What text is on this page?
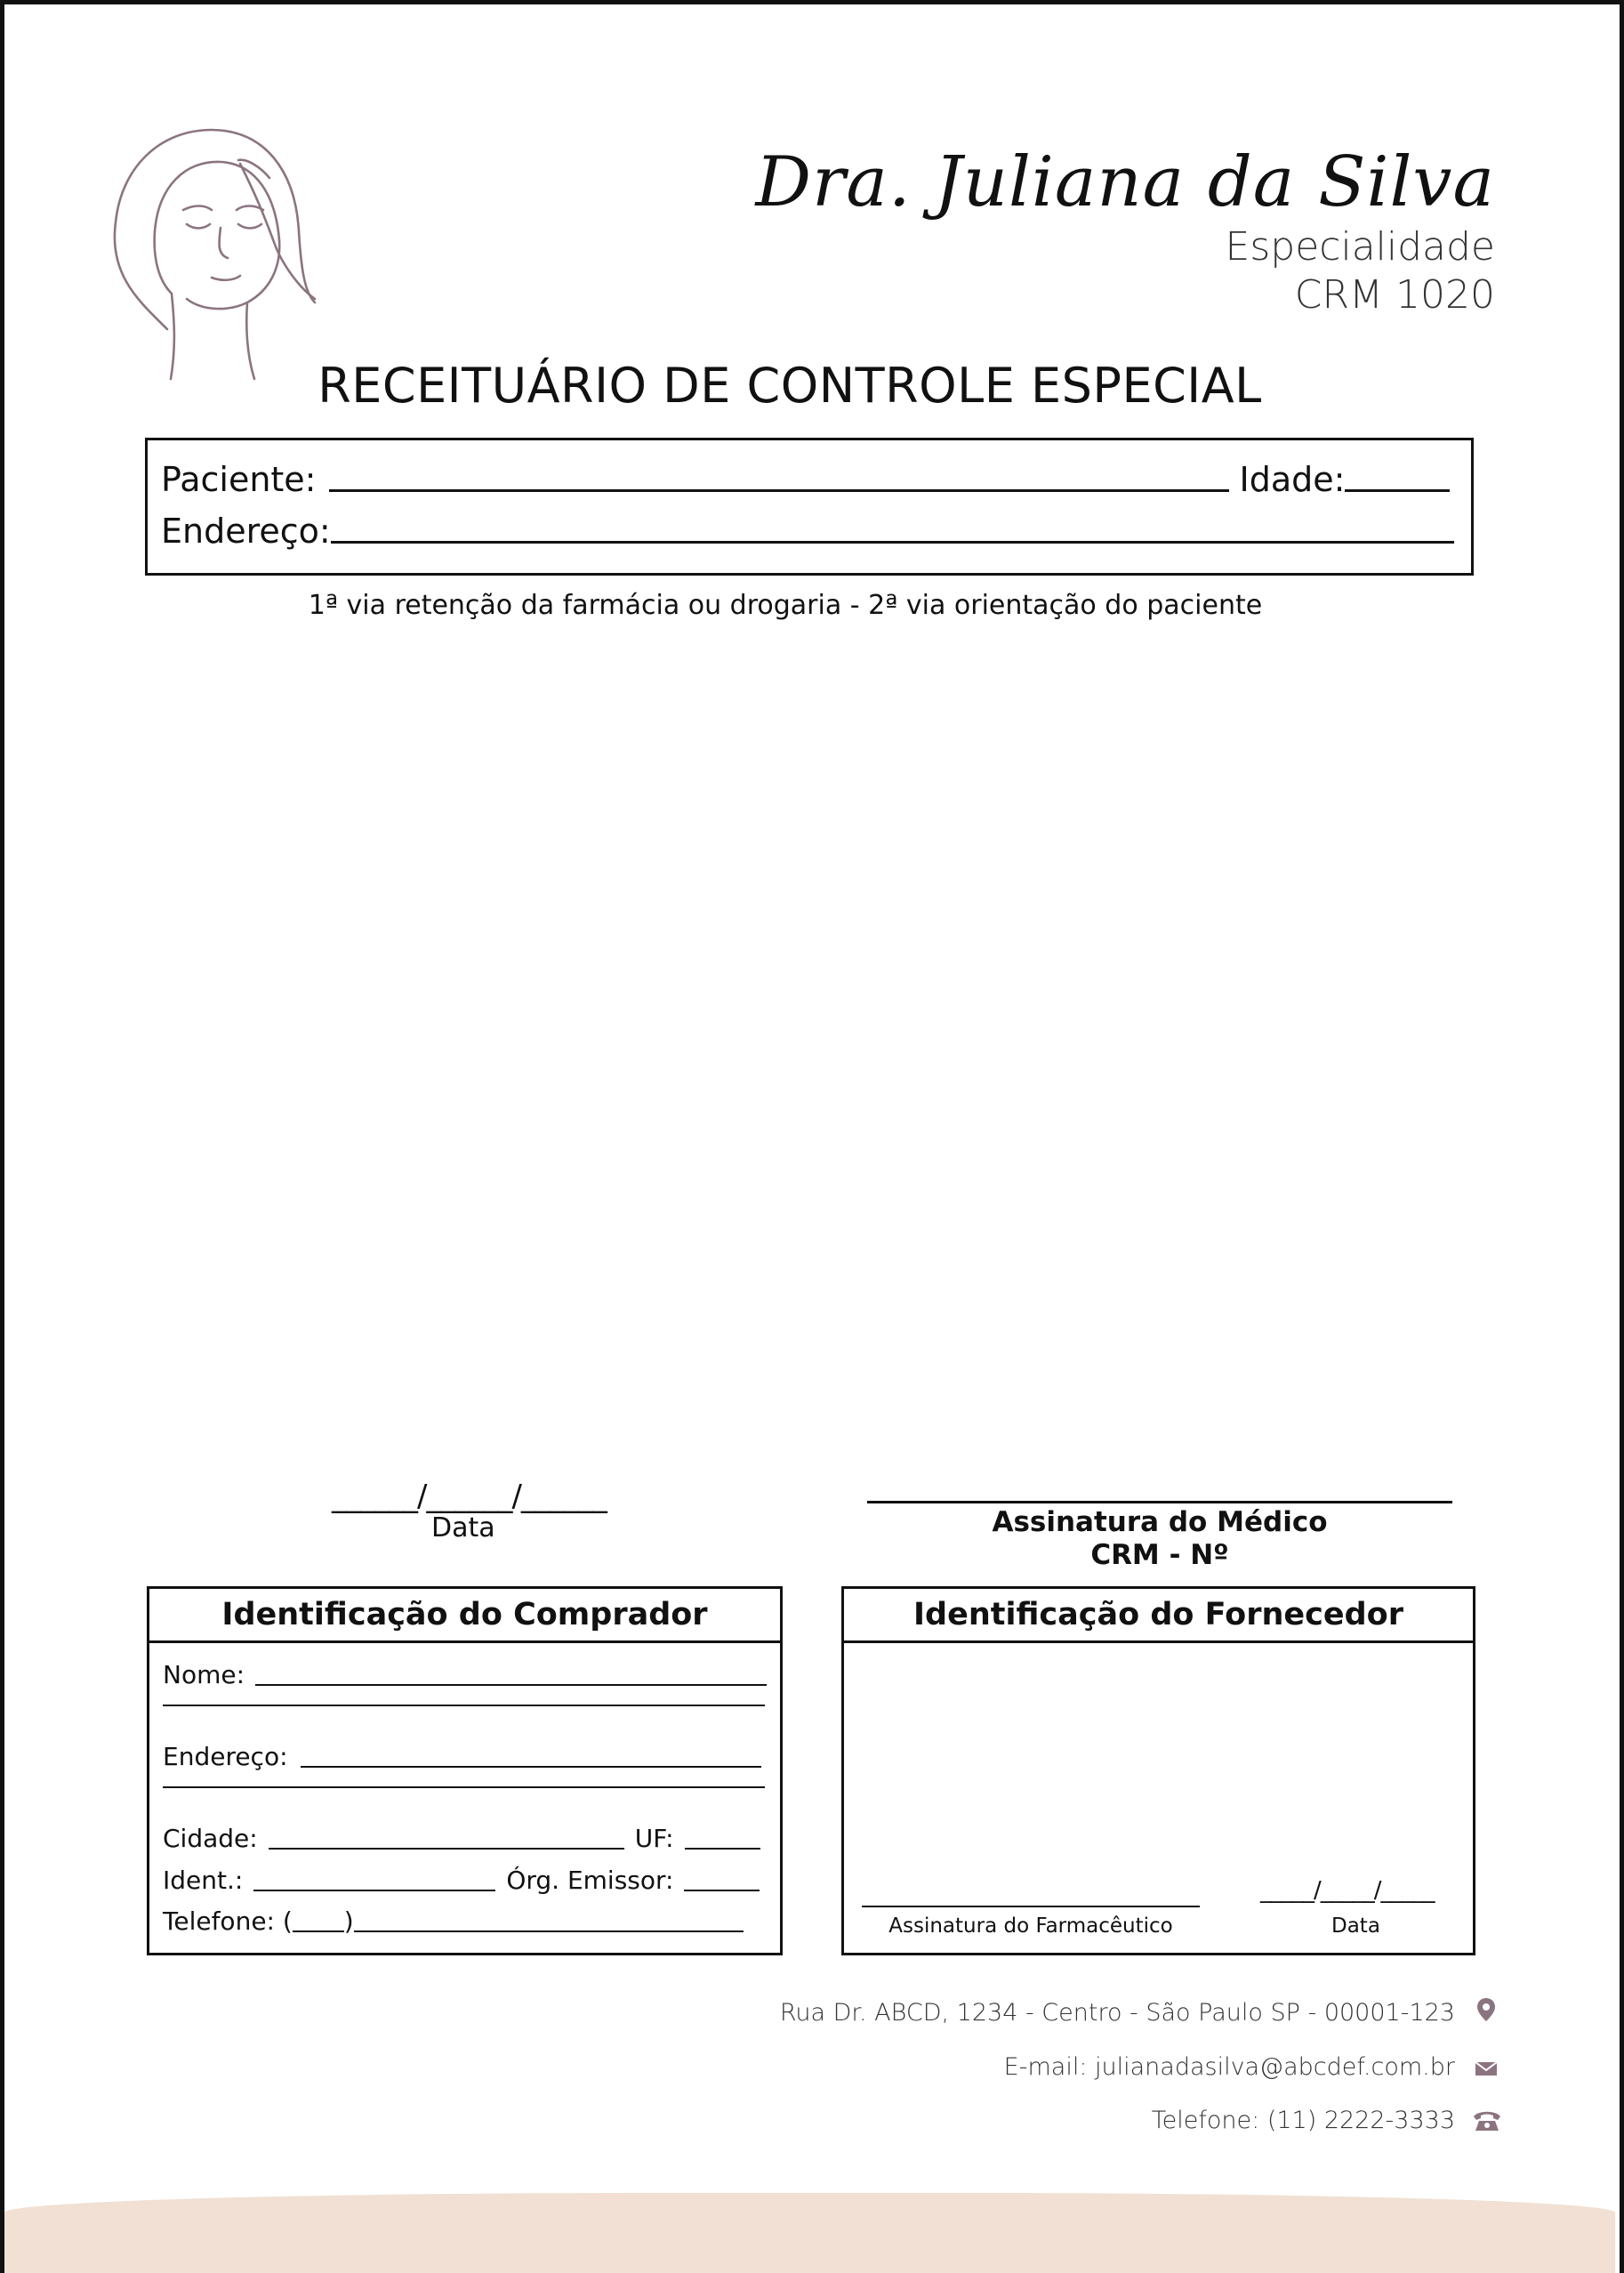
Dra. Juliana da Silva
Especialidade
CRM 1020
RECEITUÁRIO DE CONTROLE ESPECIAL
Paciente:	Idade:
Endereço:
1ª via retenção da farmácia ou drogaria - 2ª via orientação do paciente
______/______/______
Data	Assinatura do Médico
CRM - Nº
Identificação do Comprador
Nome:
Endereço:
Cidade:	UF:
Ident.:	Órg. Emissor:
Telefone: ( )
Identificação do Fornecedor
Assinatura do Farmacêutico
_____/_____/_____
Data
Rua Dr. ABCD, 1234 - Centro - São Paulo SP - 00001-123
E-mail: julianadasilva@abcdef.com.br
Telefone: (11) 2222-3333
